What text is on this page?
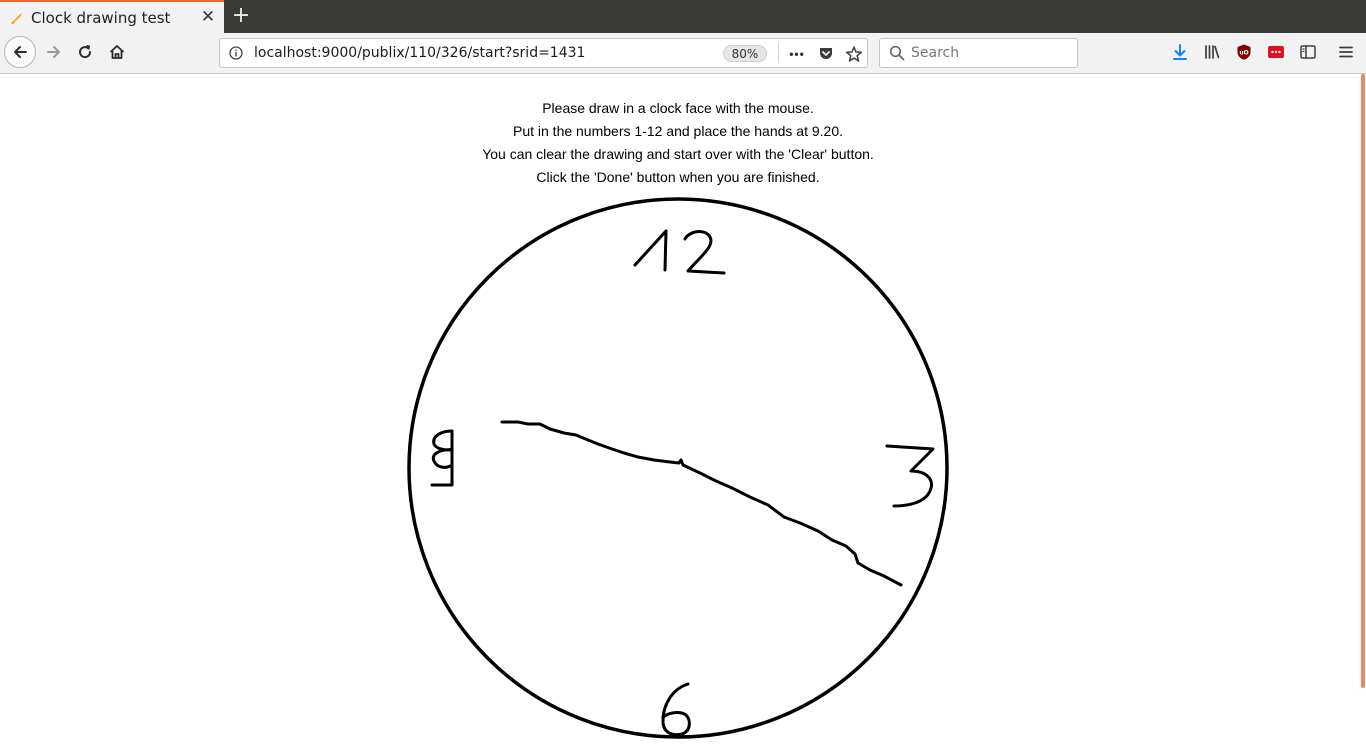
Clock drawing test ✕ +
localhost:9000/publix/110/326/start?srid=1431	80%	•••	Search	uO
Please draw in a clock face with the mouse.
Put in the numbers 1-12 and place the hands at 9.20.
You can clear the drawing and start over with the 'Clear' button.
Click the 'Done' button when you are finished.
